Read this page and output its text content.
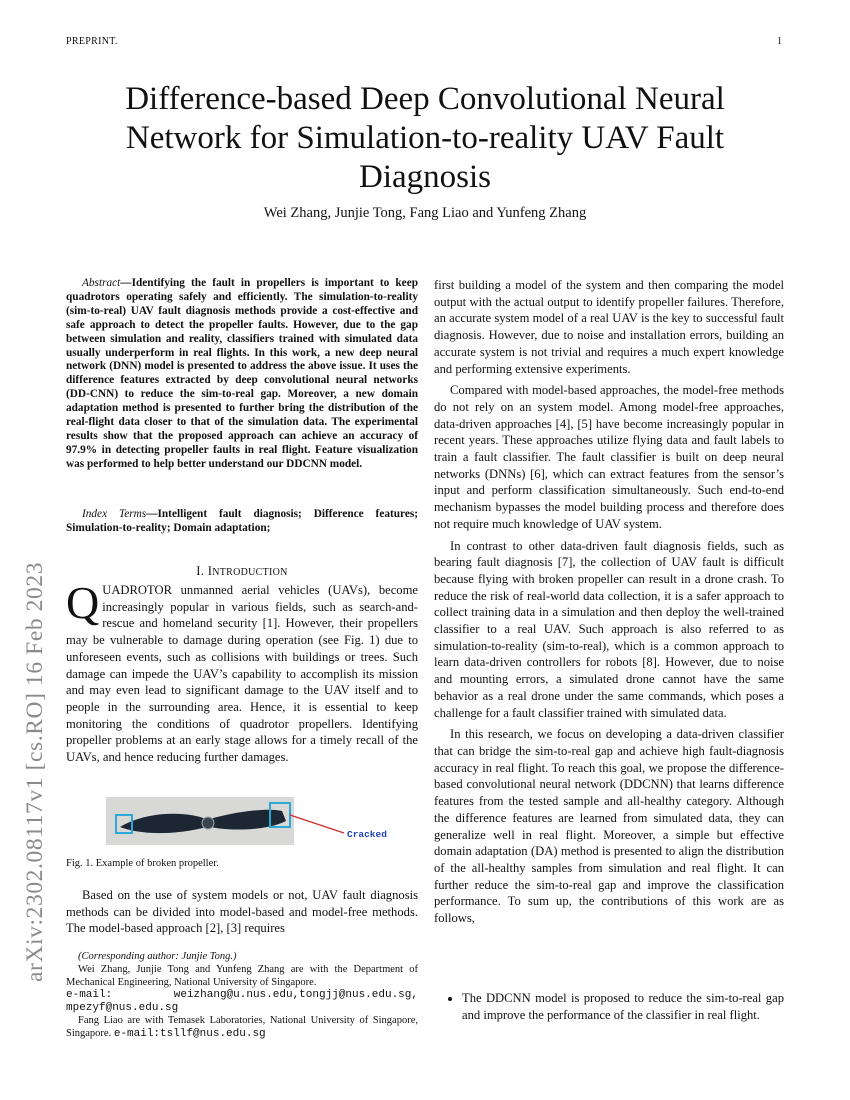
PREPRINT.	1
arXiv:2302.08117v1 [cs.RO] 16 Feb 2023
Difference-based Deep Convolutional Neural Network for Simulation-to-reality UAV Fault Diagnosis
Wei Zhang, Junjie Tong, Fang Liao and Yunfeng Zhang
Abstract—Identifying the fault in propellers is important to keep quadrotors operating safely and efficiently. The simulation-to-reality (sim-to-real) UAV fault diagnosis methods provide a cost-effective and safe approach to detect the propeller faults. However, due to the gap between simulation and reality, classifiers trained with simulated data usually underperform in real flights. In this work, a new deep neural network (DNN) model is presented to address the above issue. It uses the difference features extracted by deep convolutional neural networks (DD-CNN) to reduce the sim-to-real gap. Moreover, a new domain adaptation method is presented to further bring the distribution of the real-flight data closer to that of the simulation data. The experimental results show that the proposed approach can achieve an accuracy of 97.9% in detecting propeller faults in real flight. Feature visualization was performed to help better understand our DDCNN model.
Index Terms—Intelligent fault diagnosis; Difference features; Simulation-to-reality; Domain adaptation;
I. INTRODUCTION
QUADROTOR unmanned aerial vehicles (UAVs), become increasingly popular in various fields, such as search-and-rescue and homeland security [1]. However, their propellers may be vulnerable to damage during operation (see Fig. 1) due to unforeseen events, such as collisions with buildings or trees. Such damage can impede the UAV’s capability to accomplish its mission and may even lead to significant damage to the UAV itself and to people in the surrounding area. Hence, it is essential to keep monitoring the conditions of quadrotor propellers. Identifying propeller problems at an early stage allows for a timely recall of the UAVs, and hence reducing further damages.
Cracked
Fig. 1. Example of broken propeller.
Based on the use of system models or not, UAV fault diagnosis methods can be divided into model-based and model-free methods. The model-based approach [2], [3] requires
(Corresponding author: Junjie Tong.)
Wei Zhang, Junjie Tong and Yunfeng Zhang are with the Department of Mechanical Engineering, National University of Singapore.
e-mail: weizhang@u.nus.edu,tongjj@nus.edu.sg, mpezyf@nus.edu.sg
Fang Liao are with Temasek Laboratories, National University of Singapore, Singapore. e-mail:tsllf@nus.edu.sg

first building a model of the system and then comparing the model output with the actual output to identify propeller failures. Therefore, an accurate system model of a real UAV is the key to successful fault diagnosis. However, due to noise and installation errors, building an accurate system is not trivial and requires a much expert knowledge and performing extensive experiments.

Compared with model-based approaches, the model-free methods do not rely on an system model. Among model-free approaches, data-driven approaches [4], [5] have become increasingly popular in recent years. These approaches utilize flying data and fault labels to train a fault classifier. The fault classifier is built on deep neural networks (DNNs) [6], which can extract features from the sensor’s input and perform classification simultaneously. Such end-to-end mechanism bypasses the model building process and therefore does not require much knowledge of UAV system.

In contrast to other data-driven fault diagnosis fields, such as bearing fault diagnosis [7], the collection of UAV fault is difficult because flying with broken propeller can result in a drone crash. To reduce the risk of real-world data collection, it is a safer approach to collect training data in a simulation and then deploy the well-trained classifier to a real UAV. Such approach is also referred to as simulation-to-reality (sim-to-real), which is a common approach to learn data-driven controllers for robots [8]. However, due to noise and mounting errors, a simulated drone cannot have the same behavior as a real drone under the same commands, which poses a challenge for a fault classifier trained with simulated data.

In this research, we focus on developing a data-driven classifier that can bridge the sim-to-real gap and achieve high fault-diagnosis accuracy in real flight. To reach this goal, we propose the difference-based convolutional neural network (DDCNN) that learns difference features from the tested sample and all-healthy category. Although the difference features are learned from simulated data, they can generalize well in real flight. Moreover, a simple but effective domain adaptation (DA) method is presented to align the distribution of the all-healthy samples from simulation and real flight. It can further reduce the sim-to-real gap and improve the classification performance. To sum up, the contributions of this work are as follows,

• The DDCNN model is proposed to reduce the sim-to-real gap and improve the performance of the classifier in real flight.
